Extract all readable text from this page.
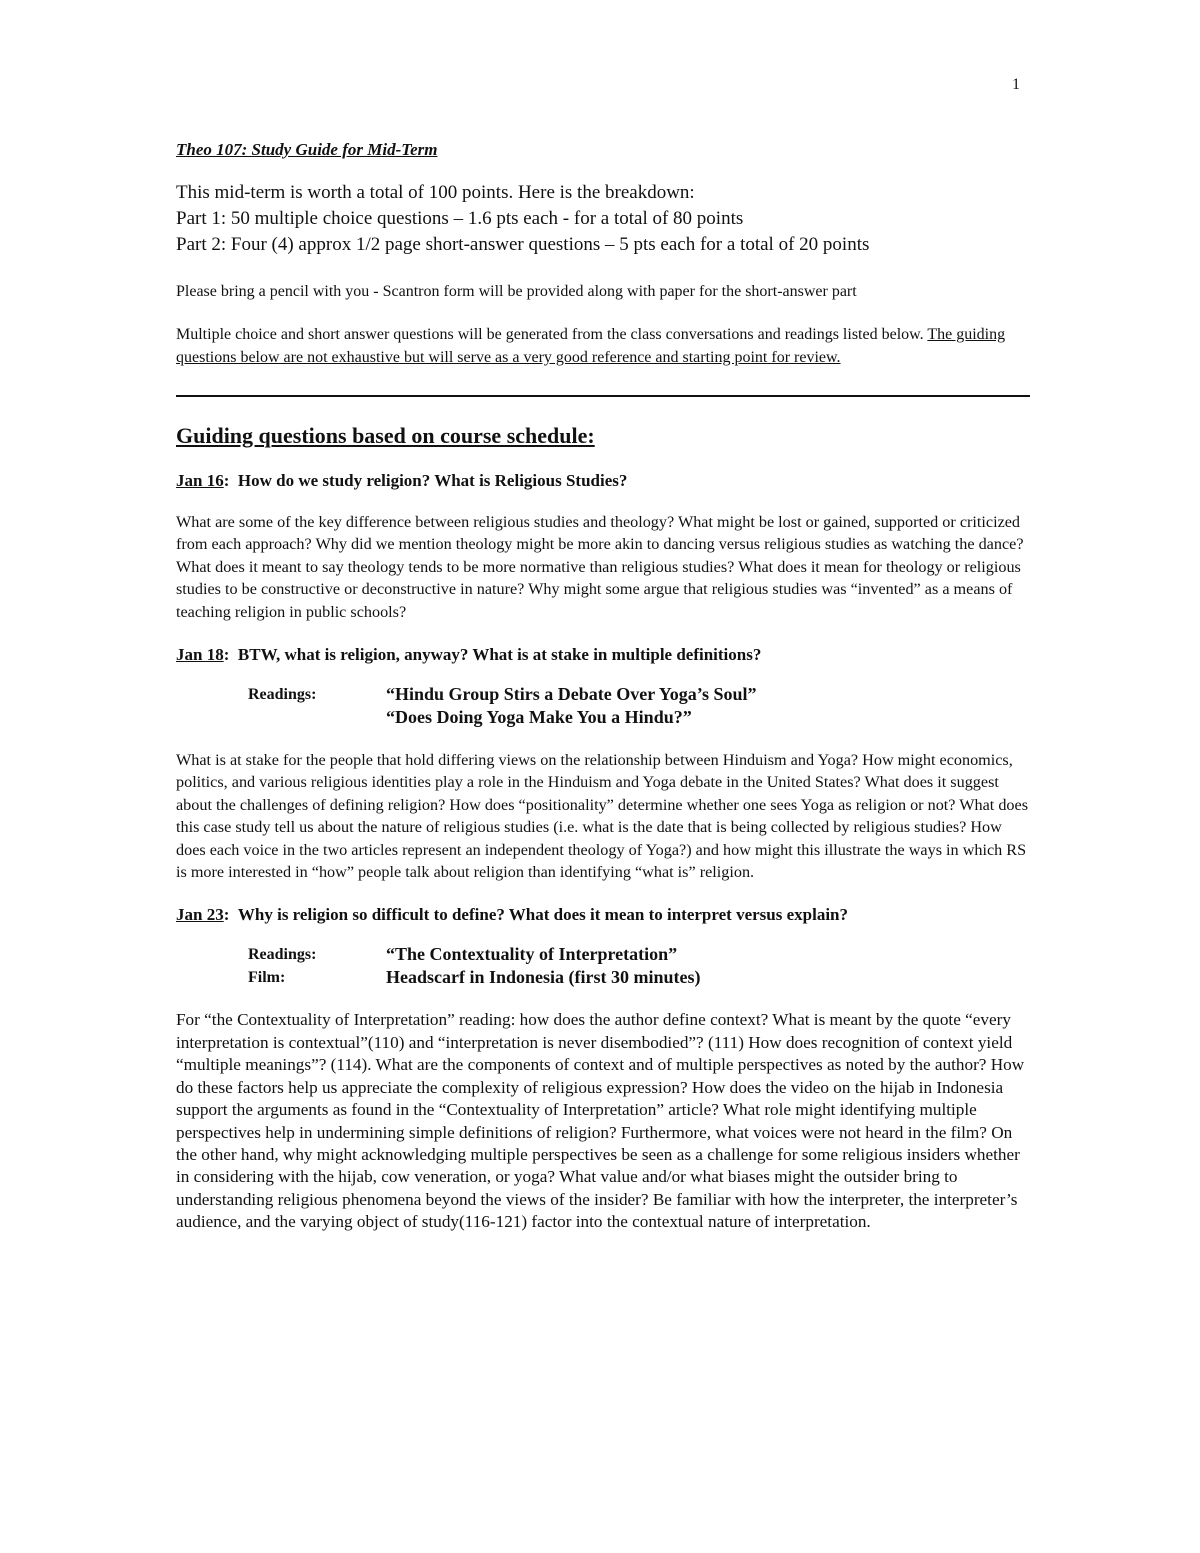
1
Theo 107: Study Guide for Mid-Term

This mid-term is worth a total of 100 points. Here is the breakdown:

Part 1: 50 multiple choice questions – 1.6 pts each - for a total of 80 points

Part 2: Four (4) approx 1/2 page short-answer questions – 5 pts each for a total of 20 points

Please bring a pencil with you - Scantron form will be provided along with paper for the short-answer part

Multiple choice and short answer questions will be generated from the class conversations and readings listed below. The guiding questions below are not exhaustive but will serve as a very good reference and starting point for review.

Guiding questions based on course schedule:
Jan 16:  How do we study religion? What is Religious Studies?

What are some of the key difference between religious studies and theology? What might be lost or gained, supported or criticized from each approach? Why did we mention theology might be more akin to dancing versus religious studies as watching the dance? What does it meant to say theology tends to be more normative than religious studies? What does it mean for theology or religious studies to be constructive or deconstructive in nature? Why might some argue that religious studies was “invented” as a means of teaching religion in public schools?

Jan 18:  BTW, what is religion, anyway? What is at stake in multiple definitions?
Readings:	“Hindu Group Stirs a Debate Over Yoga’s Soul”
“Does Doing Yoga Make You a Hindu?”

What is at stake for the people that hold differing views on the relationship between Hinduism and Yoga? How might economics, politics, and various religious identities play a role in the Hinduism and Yoga debate in the United States? What does it suggest about the challenges of defining religion? How does “positionality” determine whether one sees Yoga as religion or not? What does this case study tell us about the nature of religious studies (i.e. what is the date that is being collected by religious studies? How does each voice in the two articles represent an independent theology of Yoga?) and how might this illustrate the ways in which RS is more interested in “how” people talk about religion than identifying “what is” religion.

Jan 23:  Why is religion so difficult to define? What does it mean to interpret versus explain?
Readings:	“The Contextuality of Interpretation”
Film:	Headscarf in Indonesia (first 30 minutes)

For “the Contextuality of Interpretation” reading: how does the author define context? What is meant by the quote “every interpretation is contextual”(110) and “interpretation is never disembodied”? (111) How does recognition of context yield “multiple meanings”? (114). What are the components of context and of multiple perspectives as noted by the author? How do these factors help us appreciate the complexity of religious expression? How does the video on the hijab in Indonesia support the arguments as found in the “Contextuality of Interpretation” article? What role might identifying multiple perspectives help in undermining simple definitions of religion? Furthermore, what voices were not heard in the film? On the other hand, why might acknowledging multiple perspectives be seen as a challenge for some religious insiders whether in considering with the hijab, cow veneration, or yoga? What value and/or what biases might the outsider bring to understanding religious phenomena beyond the views of the insider? Be familiar with how the interpreter, the interpreter’s audience, and the varying object of study(116-121) factor into the contextual nature of interpretation.
